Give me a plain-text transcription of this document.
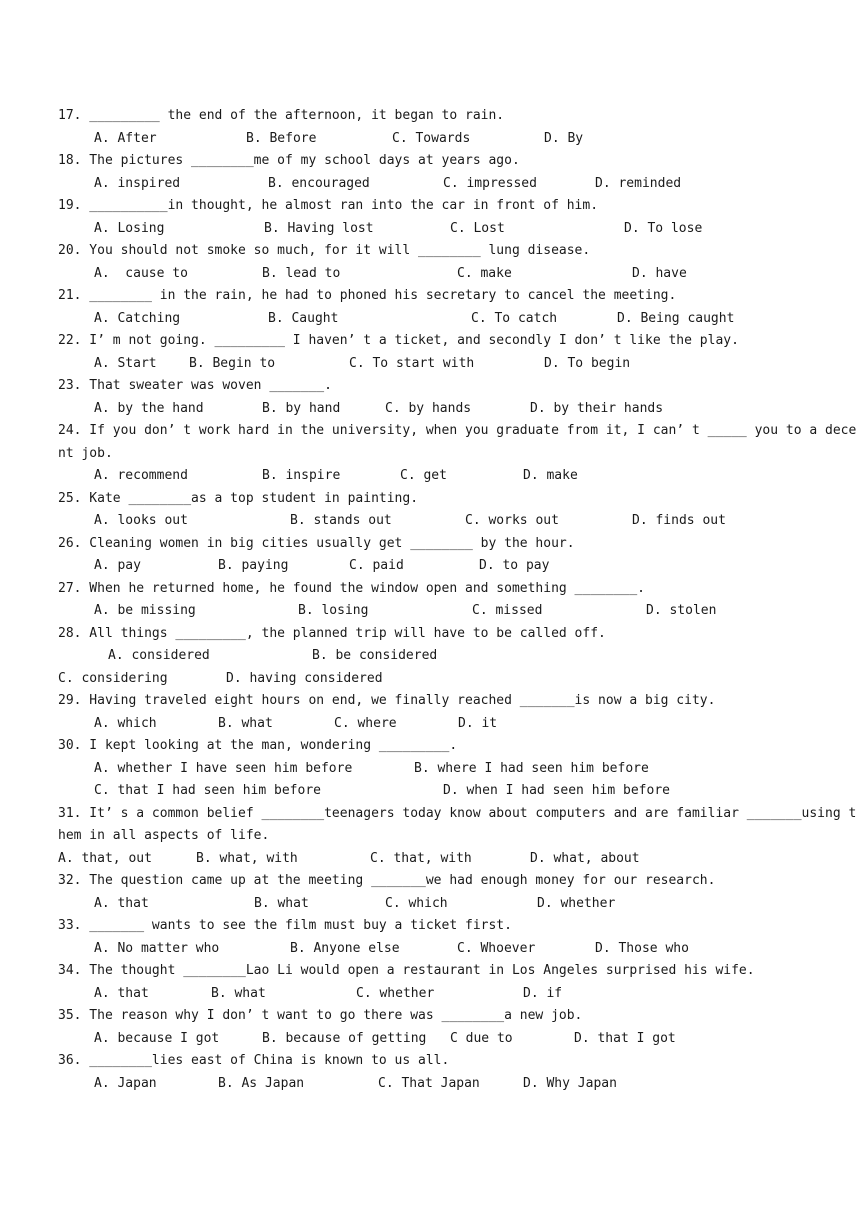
17. _________ the end of the afternoon, it began to rain.
A. After	B. Before	C. Towards	D. By
18. The pictures ________me of my school days at years ago.
A. inspired	B. encouraged	C. impressed	D. reminded
19. __________in thought, he almost ran into the car in front of him.
A. Losing	B. Having lost	C. Lost	D. To lose
20. You should not smoke so much, for it will ________ lung disease.
A.  cause to	B. lead to	C. make	D. have
21. ________ in the rain, he had to phoned his secretary to cancel the meeting.
A. Catching	B. Caught	C. To catch	D. Being caught
22. I’ m not going. _________ I haven’ t a ticket, and secondly I don’ t like the play.
A. Start B. Begin to	C. To start with	D. To begin
23. That sweater was woven _______.
A. by the hand	B. by hand	C. by hands	D. by their hands
24. If you don’ t work hard in the university, when you graduate from it, I can’ t _____ you to a dece
nt job.
A. recommend	B. inspire	C. get	D. make
25. Kate ________as a top student in painting.
A. looks out	B. stands out	C. works out	D. finds out
26. Cleaning women in big cities usually get ________ by the hour.
A. pay	B. paying	C. paid	D. to pay
27. When he returned home, he found the window open and something ________.
A. be missing	B. losing	C. missed	D. stolen
28. All things _________, the planned trip will have to be called off.
A. considered	B. be considered
C. considering	D. having considered
29. Having traveled eight hours on end, we finally reached _______is now a big city.
A. which	B. what	C. where	D. it
30. I kept looking at the man, wondering _________.
A. whether I have seen him before	B. where I had seen him before
C. that I had seen him before	D. when I had seen him before
31. It’ s a common belief ________teenagers today know about computers and are familiar _______using t
hem in all aspects of life.
A. that, out	B. what, with	C. that, with	D. what, about
32. The question came up at the meeting _______we had enough money for our research.
A. that	B. what	C. which	D. whether
33. _______ wants to see the film must buy a ticket first.
A. No matter who	B. Anyone else	C. Whoever	D. Those who
34. The thought ________Lao Li would open a restaurant in Los Angeles surprised his wife.
A. that	B. what	C. whether	D. if
35. The reason why I don’ t want to go there was ________a new job.
A. because I got	B. because of getting C due to	D. that I got
36. ________lies east of China is known to us all.
A. Japan	B. As Japan	C. That Japan	D. Why Japan
